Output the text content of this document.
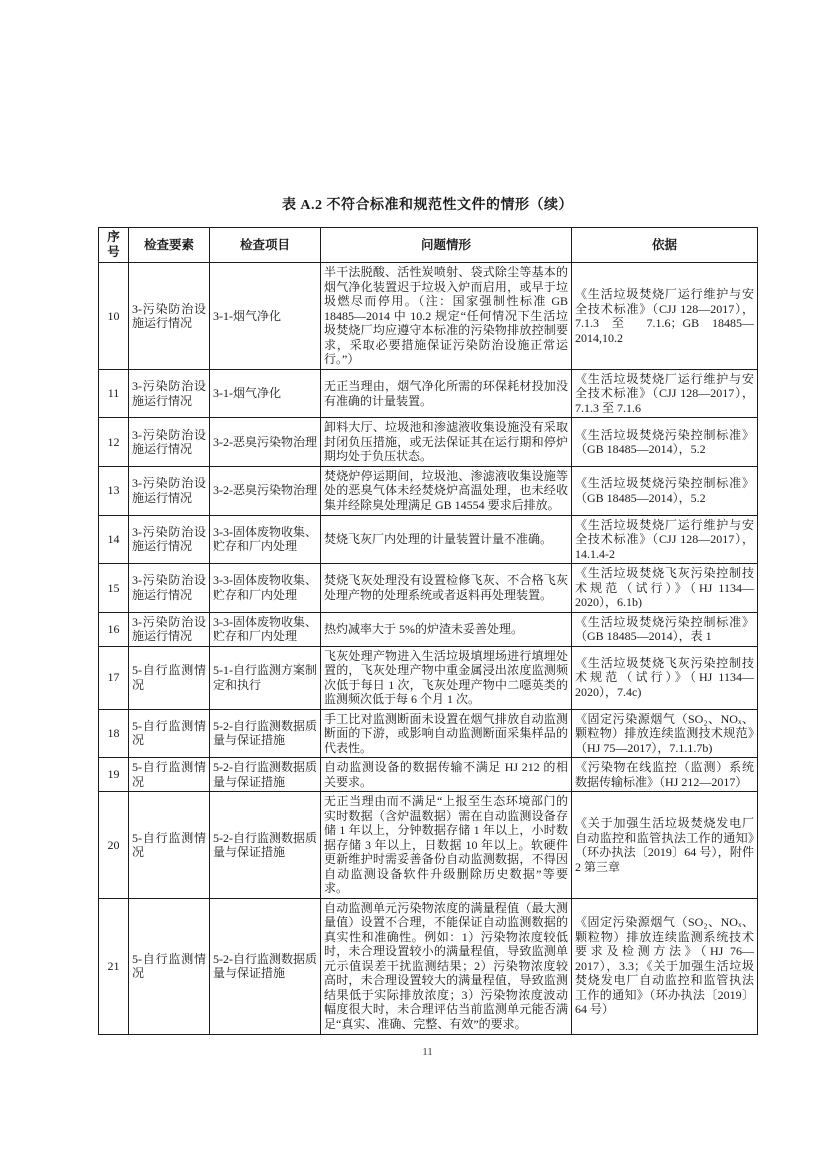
表 A.2 不符合标准和规范性文件的情形（续）
序号	检查要素	检查项目	问题情形	依据
10	3-污染防治设施运行情况	3-1-烟气净化	半干法脱酸、活性炭喷射、袋式除尘等基本的烟气净化装置迟于垃圾入炉而启用，或早于垃圾燃尽而停用。（注：国家强制性标准 GB 18485—2014 中 10.2 规定“任何情况下生活垃圾焚烧厂均应遵守本标准的污染物排放控制要求，采取必要措施保证污染防治设施正常运行。”）	《生活垃圾焚烧厂运行维护与安全技术标准》（CJJ 128—2017），7.1.3 至 7.1.6；GB 18485—2014,10.2
11	3-污染防治设施运行情况	3-1-烟气净化	无正当理由，烟气净化所需的环保耗材投加没有准确的计量装置。	《生活垃圾焚烧厂运行维护与安全技术标准》（CJJ 128—2017），7.1.3 至 7.1.6
12	3-污染防治设施运行情况	3-2-恶臭污染物治理	卸料大厅、垃圾池和渗滤液收集设施没有采取封闭负压措施，或无法保证其在运行期和停炉期均处于负压状态。	《生活垃圾焚烧污染控制标准》（GB 18485—2014），5.2
13	3-污染防治设施运行情况	3-2-恶臭污染物治理	焚烧炉停运期间，垃圾池、渗滤液收集设施等处的恶臭气体未经焚烧炉高温处理，也未经收集并经除臭处理满足 GB 14554 要求后排放。	《生活垃圾焚烧污染控制标准》（GB 18485—2014），5.2
14	3-污染防治设施运行情况	3-3-固体废物收集、贮存和厂内处理	焚烧飞灰厂内处理的计量装置计量不准确。	《生活垃圾焚烧厂运行维护与安全技术标准》（CJJ 128—2017），14.1.4-2
15	3-污染防治设施运行情况	3-3-固体废物收集、贮存和厂内处理	焚烧飞灰处理没有设置检修飞灰、不合格飞灰处理产物的处理系统或者返料再处理装置。	《生活垃圾焚烧飞灰污染控制技术规范（试行）》（HJ 1134—2020），6.1b)
16	3-污染防治设施运行情况	3-3-固体废物收集、贮存和厂内处理	热灼减率大于 5%的炉渣未妥善处理。	《生活垃圾焚烧污染控制标准》（GB 18485—2014），表 1
17	5-自行监测情况	5-1-自行监测方案制定和执行	飞灰处理产物进入生活垃圾填埋场进行填埋处置的，飞灰处理产物中重金属浸出浓度监测频次低于每日 1 次，飞灰处理产物中二噁英类的监测频次低于每 6 个月 1 次。	《生活垃圾焚烧飞灰污染控制技术规范（试行）》（HJ 1134—2020），7.4c)
18	5-自行监测情况	5-2-自行监测数据质量与保证措施	手工比对监测断面未设置在烟气排放自动监测断面的下游，或影响自动监测断面采集样品的代表性。	《固定污染源烟气（SO₂、NOₓ、颗粒物）排放连续监测技术规范》（HJ 75—2017），7.1.1.7b)
19	5-自行监测情况	5-2-自行监测数据质量与保证措施	自动监测设备的数据传输不满足 HJ 212 的相关要求。	《污染物在线监控（监测）系统数据传输标准》（HJ 212—2017）
20	5-自行监测情况	5-2-自行监测数据质量与保证措施	无正当理由而不满足“上报至生态环境部门的实时数据（含炉温数据）需在自动监测设备存储 1 年以上，分钟数据存储 1 年以上，小时数据存储 3 年以上，日数据 10 年以上。软硬件更新维护时需妥善备份自动监测数据，不得因自动监测设备软件升级删除历史数据”等要求。	《关于加强生活垃圾焚烧发电厂自动监控和监管执法工作的通知》（环办执法〔2019〕64 号），附件 2 第三章
21	5-自行监测情况	5-2-自行监测数据质量与保证措施	自动监测单元污染物浓度的满量程值（最大测量值）设置不合理，不能保证自动监测数据的真实性和准确性。例如：1）污染物浓度较低时，未合理设置较小的满量程值，导致监测单元示值误差干扰监测结果；2）污染物浓度较高时，未合理设置较大的满量程值，导致监测结果低于实际排放浓度；3）污染物浓度波动幅度很大时，未合理评估当前监测单元能否满足“真实、准确、完整、有效”的要求。	《固定污染源烟气（SO₂、NOₓ、颗粒物）排放连续监测系统技术要求及检测方法》（HJ 76—2017），3.3；《关于加强生活垃圾焚烧发电厂自动监控和监管执法工作的通知》（环办执法〔2019〕64 号）
11
